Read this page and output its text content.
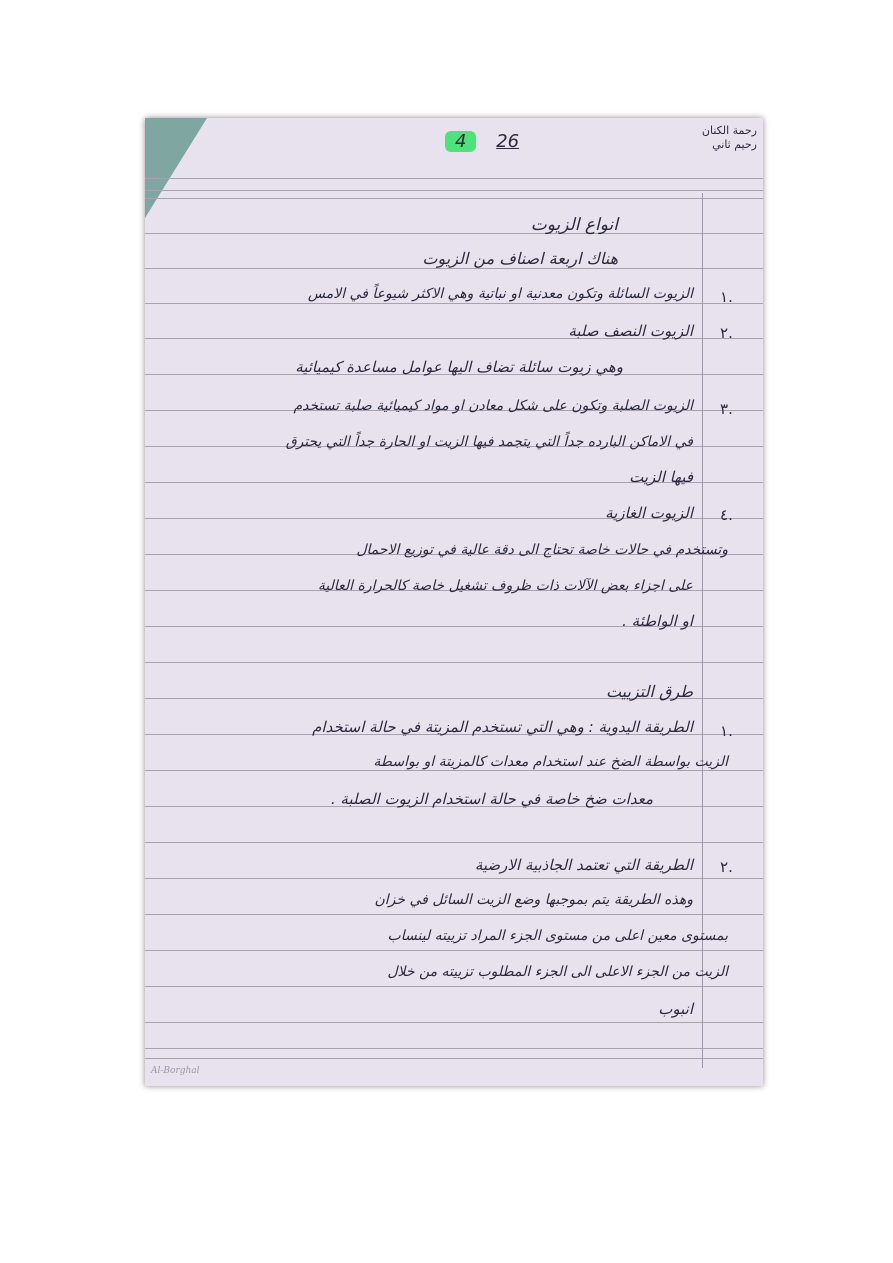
4 26
رحمة الكنان
رحيم ثاني
انواع الزيوت
هناك اربعة اصناف من الزيوت
١.
الزيوت السائلة وتكون معدنية او نباتية وهي الاكثر شيوعاً في الامس
٢.
الزيوت النصف صلبة
وهي زيوت سائلة تضاف اليها عوامل مساعدة كيميائية
٣.
الزيوت الصلبة وتكون على شكل معادن او مواد كيميائية صلبة تستخدم
في الاماكن البارده جداً التي يتجمد فيها الزيت او الحارة جداً التي يحترق
فيها الزيت
٤.
الزيوت الغازية
وتستخدم في حالات خاصة تحتاج الى دقة عالية في توزيع الاحمال
على اجزاء بعض الآلات ذات ظروف تشغيل خاصة كالحرارة العالية
او الواطئة .
طرق التزييت
١.
الطريقة اليدوية : وهي التي تستخدم المزيتة في حالة استخدام
الزيت بواسطة الضخ عند استخدام معدات كالمزيتة او بواسطة
معدات ضخ خاصة في حالة استخدام الزيوت الصلبة .
٢.
الطريقة التي تعتمد الجاذبية الارضية
وهذه الطريقة يتم بموجبها وضع الزيت السائل في خزان
بمستوى معين اعلى من مستوى الجزء المراد تزييته لينساب
الزيت من الجزء الاعلى الى الجزء المطلوب تزييته من خلال
انبوب
Al-Borghal
